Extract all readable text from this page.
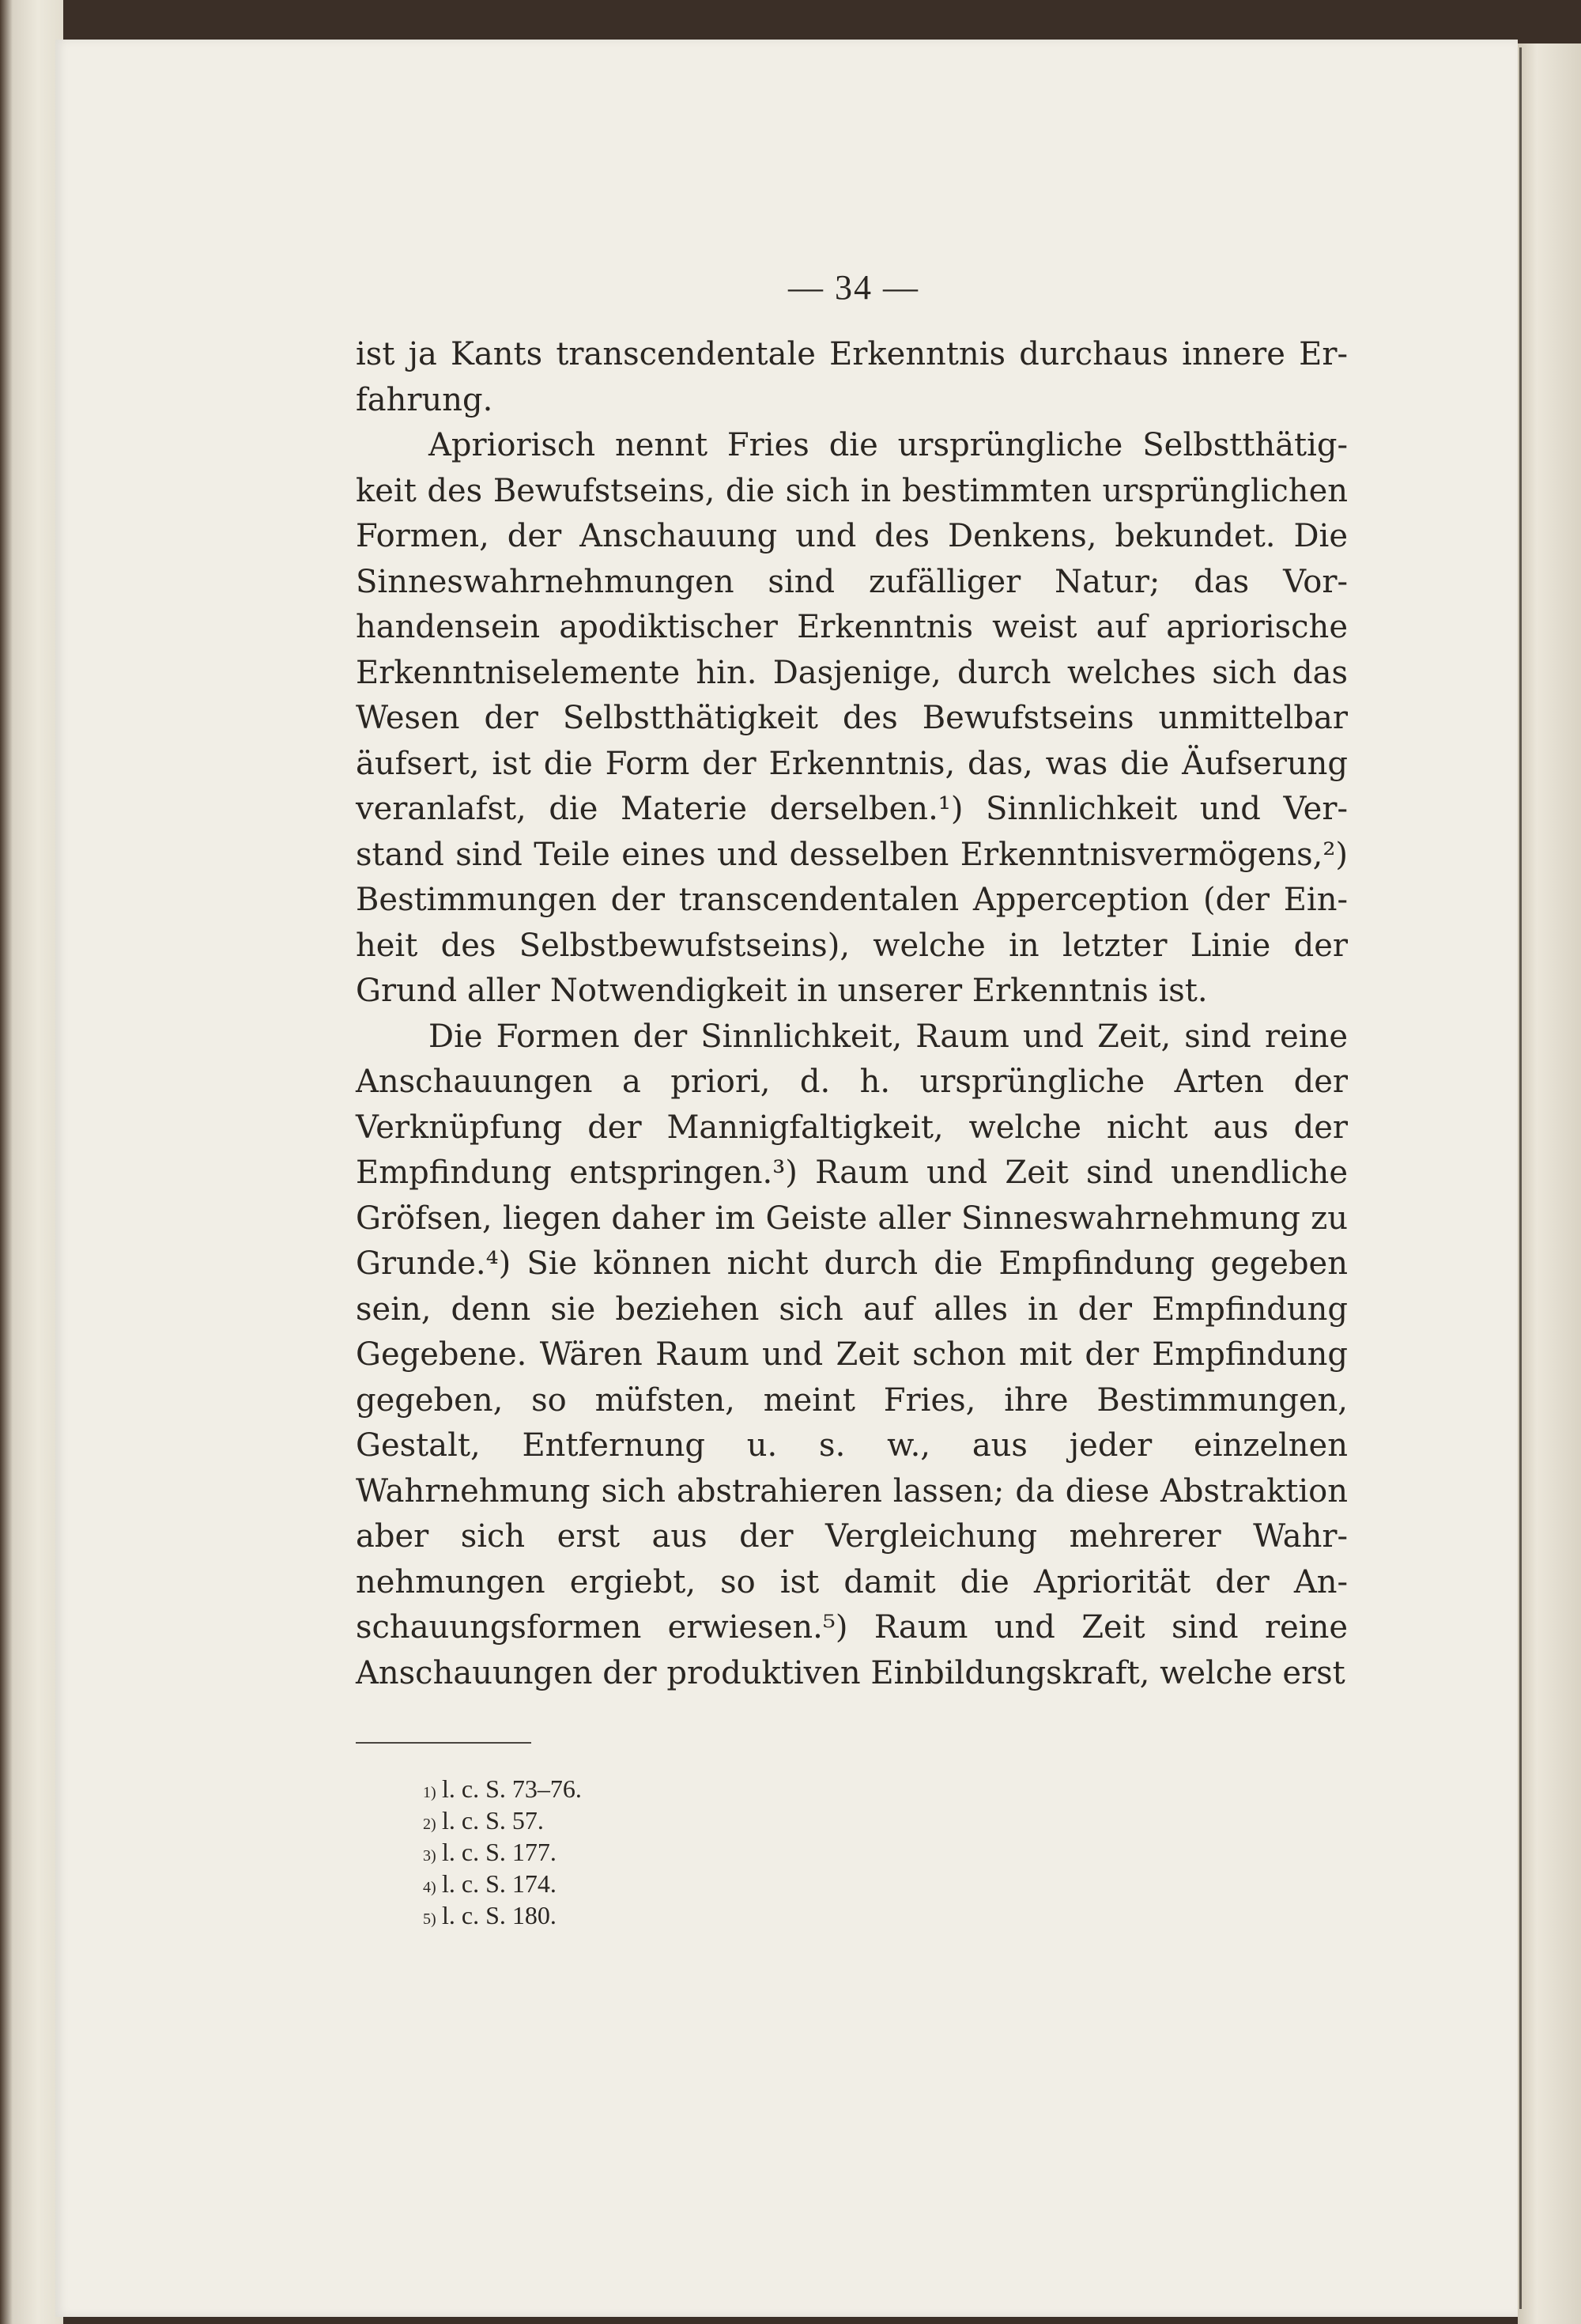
— 34 —

ist ja Kants transcendentale Erkenntnis durchaus innere Erfahrung.

Apriorisch nennt Fries die ursprüngliche Selbstthätigkeit des Bewufstseins, die sich in bestimmten ursprünglichen Formen, der Anschauung und des Denkens, bekundet. Die Sinneswahrnehmungen sind zufälliger Natur; das Vorhandensein apodiktischer Erkenntnis weist auf apriorische Erkenntniselemente hin. Dasjenige, durch welches sich das Wesen der Selbstthätigkeit des Bewufstseins unmittelbar äufsert, ist die Form der Erkenntnis, das, was die Äufserung veranlafst, die Materie derselben.¹) Sinnlichkeit und Verstand sind Teile eines und desselben Erkenntnisvermögens,²) Bestimmungen der transcendentalen Apperception (der Einheit des Selbstbewufstseins), welche in letzter Linie der Grund aller Notwendigkeit in unserer Erkenntnis ist.

Die Formen der Sinnlichkeit, Raum und Zeit, sind reine Anschauungen a priori, d. h. ursprüngliche Arten der Verknüpfung der Mannigfaltigkeit, welche nicht aus der Empfindung entspringen.³) Raum und Zeit sind unendliche Gröfsen, liegen daher im Geiste aller Sinneswahrnehmung zu Grunde.⁴) Sie können nicht durch die Empfindung gegeben sein, denn sie beziehen sich auf alles in der Empfindung Gegebene. Wären Raum und Zeit schon mit der Empfindung gegeben, so müfsten, meint Fries, ihre Bestimmungen, Gestalt, Entfernung u. s. w., aus jeder einzelnen Wahrnehmung sich abstrahieren lassen; da diese Abstraktion aber sich erst aus der Vergleichung mehrerer Wahrnehmungen ergiebt, so ist damit die Apriorität der Anschauungsformen erwiesen.⁵) Raum und Zeit sind reine Anschauungen der produktiven Einbildungskraft, welche erst

1) l. c. S. 73–76.
2) l. c. S. 57.
3) l. c. S. 177.
4) l. c. S. 174.
5) l. c. S. 180.
